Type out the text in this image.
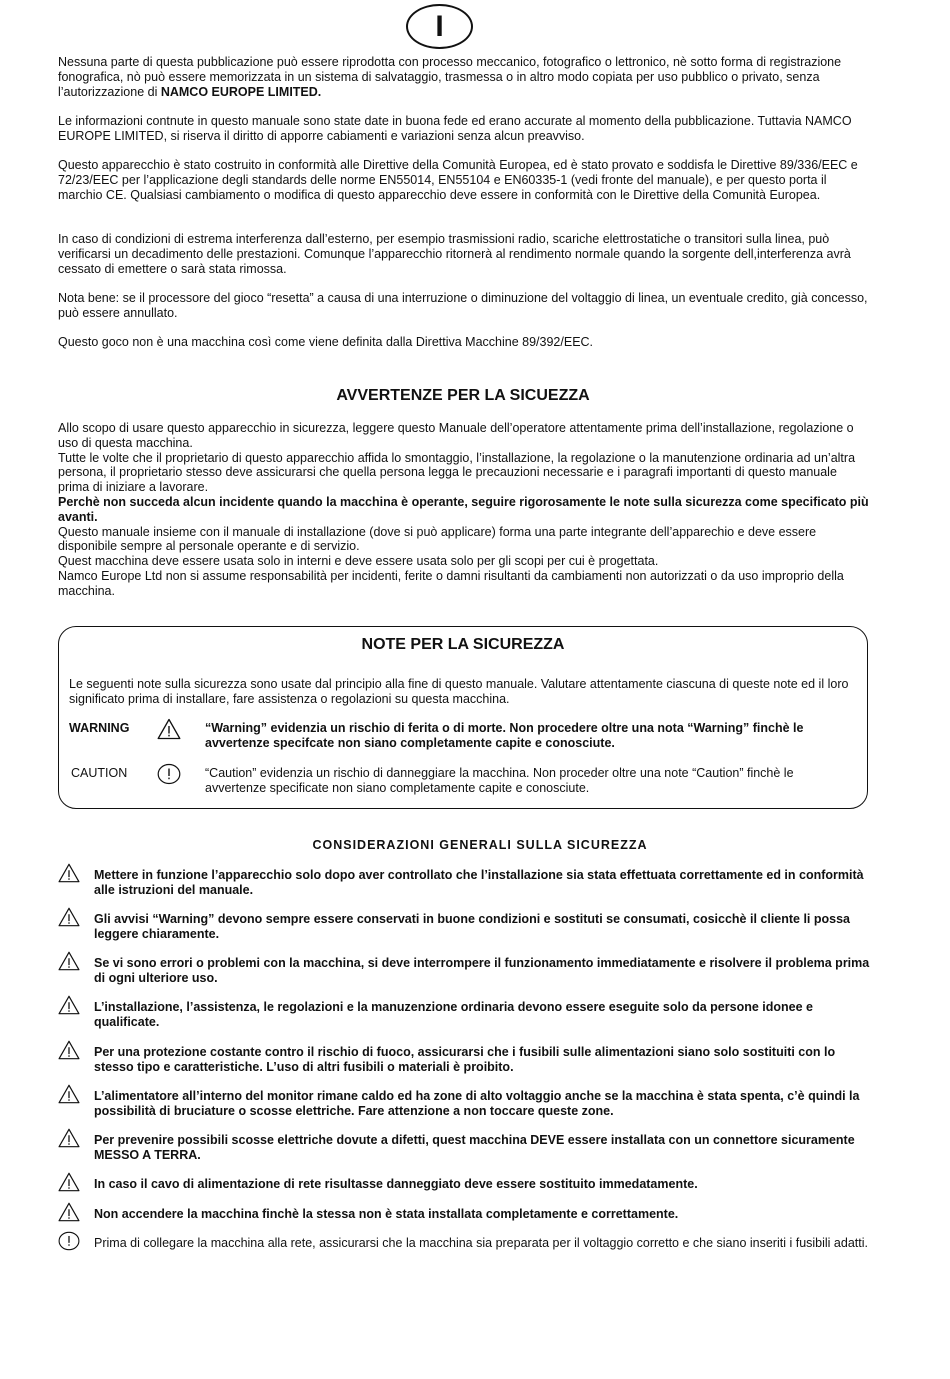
I

Nessuna parte di questa pubblicazione può essere riprodotta con processo meccanico, fotografico o lettronico, nè sotto forma di registrazione fonografica, nò può essere memorizzata in un sistema di salvataggio, trasmessa o in altro modo copiata per uso pubblico o privato, senza l’autorizzazione di NAMCO EUROPE LIMITED.

Le informazioni contnute in questo manuale sono state date in buona fede ed erano accurate al momento della pubblicazione. Tuttavia NAMCO EUROPE LIMITED, si riserva il diritto di apporre cabiamenti e variazioni senza alcun preavviso.

Questo apparecchio è stato costruito in conformità alle Direttive della Comunità Europea, ed è stato provato e soddisfa le Direttive 89/336/EEC e 72/23/EEC per l’applicazione degli standards delle norme EN55014, EN55104 e EN60335-1 (vedi fronte del manuale), e per questo porta il marchio CE. Qualsiasi cambiamento o modifica di questo apparecchio deve essere in conformità con le Direttive della Comunità Europea.

In caso di condizioni di estrema interferenza dall’esterno, per esempio trasmissioni radio, scariche elettrostatiche o transitori sulla linea, può verificarsi un decadimento delle prestazioni. Comunque l’apparecchio ritornerà al rendimento normale quando la sorgente dell,interferenza avrà cessato di emettere o sarà stata rimossa.

Nota bene: se il processore del gioco “resetta” a causa di una interruzione o diminuzione del voltaggio di linea, un eventuale credito, già concesso, può essere annullato.

Questo goco non è una macchina così come viene definita dalla Direttiva Macchine 89/392/EEC.

AVVERTENZE PER LA SICUEZZA

Allo scopo di usare questo apparecchio in sicurezza, leggere questo Manuale dell’operatore attentamente prima dell’installazione, regolazione o uso di questa macchina.

Tutte le volte che il proprietario di questo apparecchio affida lo smontaggio, l’installazione, la regolazione o la manutenzione ordinaria ad un’altra persona, il proprietario stesso deve assicurarsi che quella persona legga le precauzioni necessarie e i paragrafi importanti di questo manuale prima di iniziare a lavorare.

Perchè non succeda alcun incidente quando la macchina è operante, seguire rigorosamente le note sulla sicurezza come specificato più avanti.

Questo manuale insieme con il manuale di installazione (dove si può applicare) forma una parte integrante dell’apparechio e deve essere disponibile sempre al personale operante e di servizio.

Quest macchina deve essere usata solo in interni e deve essere usata solo per gli scopi per cui è progettata.

Namco Europe Ltd non si assume responsabilità per incidenti, ferite o damni risultanti da cambiamenti non autorizzati o da uso improprio della macchina.

NOTE PER LA SICUREZZA
Le seguenti note sulla sicurezza sono usate dal principio alla fine di questo manuale. Valutare attentamente ciascuna di queste note ed il loro significato prima di installare, fare assistenza o regolazioni su questa macchina.
WARNING	“Warning” evidenzia un rischio di ferita o di morte. Non procedere oltre una nota “Warning” finchè le avvertenze specifcate non siano completamente capite e conosciute.
CAUTION	“Caution” evidenzia un rischio di danneggiare la macchina. Non proceder oltre una note “Caution” finchè le avvertenze specificate non siano completamente capite e conosciute.
CONSIDERAZIONI GENERALI SULLA SICUREZZA
Mettere in funzione l’apparecchio solo dopo aver controllato che l’installazione sia stata effettuata correttamente ed in conformità alle istruzioni del manuale.
Gli avvisi “Warning” devono sempre essere conservati in buone condizioni e sostituti se consumati, cosicchè il cliente li possa leggere chiaramente.
Se vi sono errori o problemi con la macchina, si deve interrompere il funzionamento immediatamente e risolvere il problema prima di ogni ulteriore uso.
L’installazione, l’assistenza, le regolazioni e la manuzenzione ordinaria devono essere eseguite solo da persone idonee e qualificate.
Per una protezione costante contro il rischio di fuoco, assicurarsi che i fusibili sulle alimentazioni siano solo sostituiti con lo stesso tipo e caratteristiche. L’uso di altri fusibili o materiali è proibito.
L’alimentatore all’interno del monitor rimane caldo ed ha zone di alto voltaggio anche se la macchina è stata spenta, c’è quindi la possibilità di bruciature o scosse elettriche. Fare attenzione a non toccare queste zone.
Per prevenire possibili scosse elettriche dovute a difetti, quest macchina DEVE essere installata con un connettore sicuramente MESSO A TERRA.
In caso il cavo di alimentazione di rete risultasse danneggiato deve essere sostituito immedatamente.
Non accendere la macchina finchè la stessa non è stata installata completamente e correttamente.
Prima di collegare la macchina alla rete, assicurarsi che la macchina sia preparata per il voltaggio corretto e che siano inseriti i fusibili adatti.
